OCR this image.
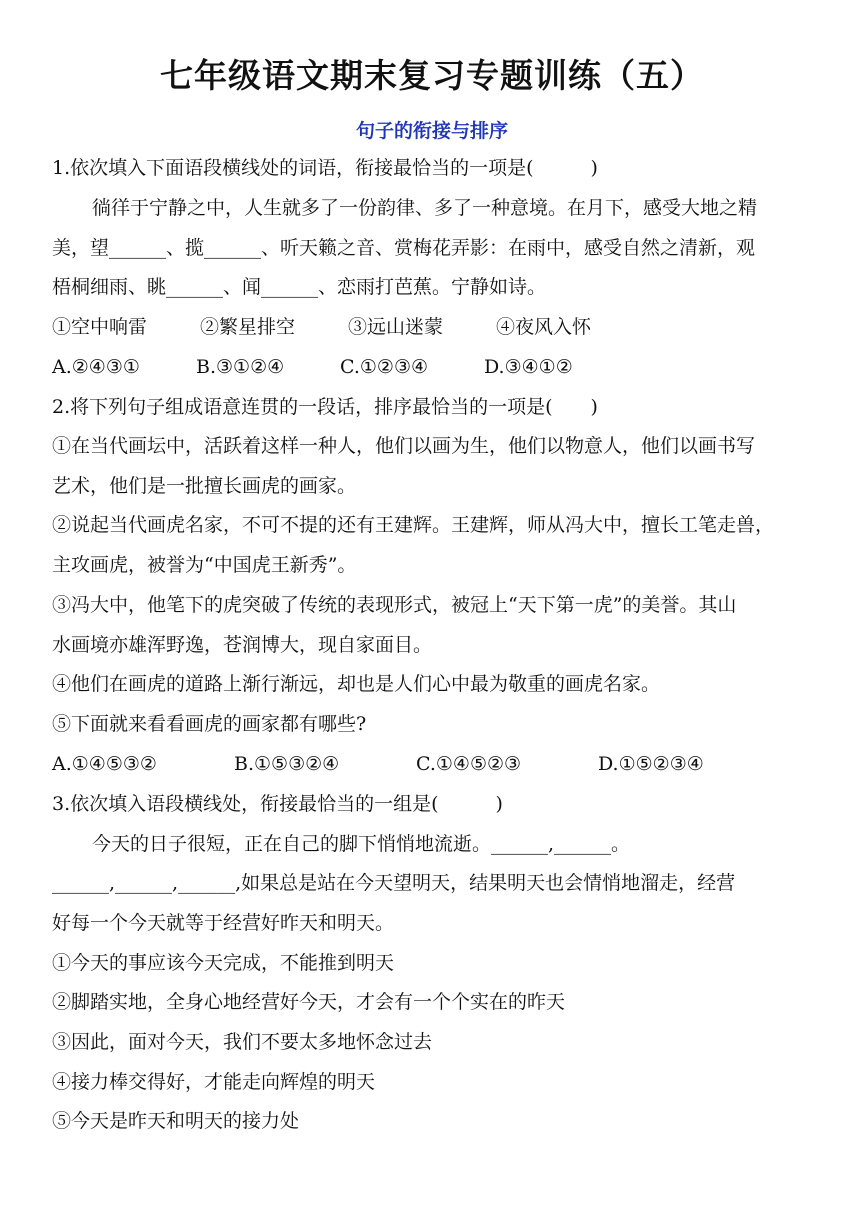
七年级语文期末复习专题训练（五）
句子的衔接与排序
1.依次填入下面语段横线处的词语，衔接最恰当的一项是(　　　)
徜徉于宁静之中，人生就多了一份韵律、多了一种意境。在月下，感受大地之精
美，望______、揽______、听天籁之音、赏梅花弄影：在雨中，感受自然之清新，观
梧桐细雨、眺______、闻______、恋雨打芭蕉。宁静如诗。
①空中响雷	②繁星排空	③远山迷蒙	④夜风入怀
A.②④③①	B.③①②④	C.①②③④	D.③④①②
2.将下列句子组成语意连贯的一段话，排序最恰当的一项是(　　)
①在当代画坛中，活跃着这样一种人，他们以画为生，他们以物意人，他们以画书写
艺术，他们是一批擅长画虎的画家。
②说起当代画虎名家，不可不提的还有王建辉。王建辉，师从冯大中，擅长工笔走兽，
主攻画虎，被誉为“中国虎王新秀”。
③冯大中，他笔下的虎突破了传统的表现形式，被冠上“天下第一虎”的美誉。其山
水画境亦雄浑野逸，苍润博大，现自家面目。
④他们在画虎的道路上渐行渐远，却也是人们心中最为敬重的画虎名家。
⑤下面就来看看画虎的画家都有哪些?
A.①④⑤③②	B.①⑤③②④	C.①④⑤②③	D.①⑤②③④
3.依次填入语段横线处，衔接最恰当的一组是(　　　)
今天的日子很短，正在自己的脚下悄悄地流逝。______,______。
______,______,______,如果总是站在今天望明天，结果明天也会情悄地溜走，经营
好每一个今天就等于经营好昨天和明天。
①今天的事应该今天完成，不能推到明天
②脚踏实地，全身心地经营好今天，才会有一个个实在的昨天
③因此，面对今天，我们不要太多地怀念过去
④接力棒交得好，才能走向辉煌的明天
⑤今天是昨天和明天的接力处
